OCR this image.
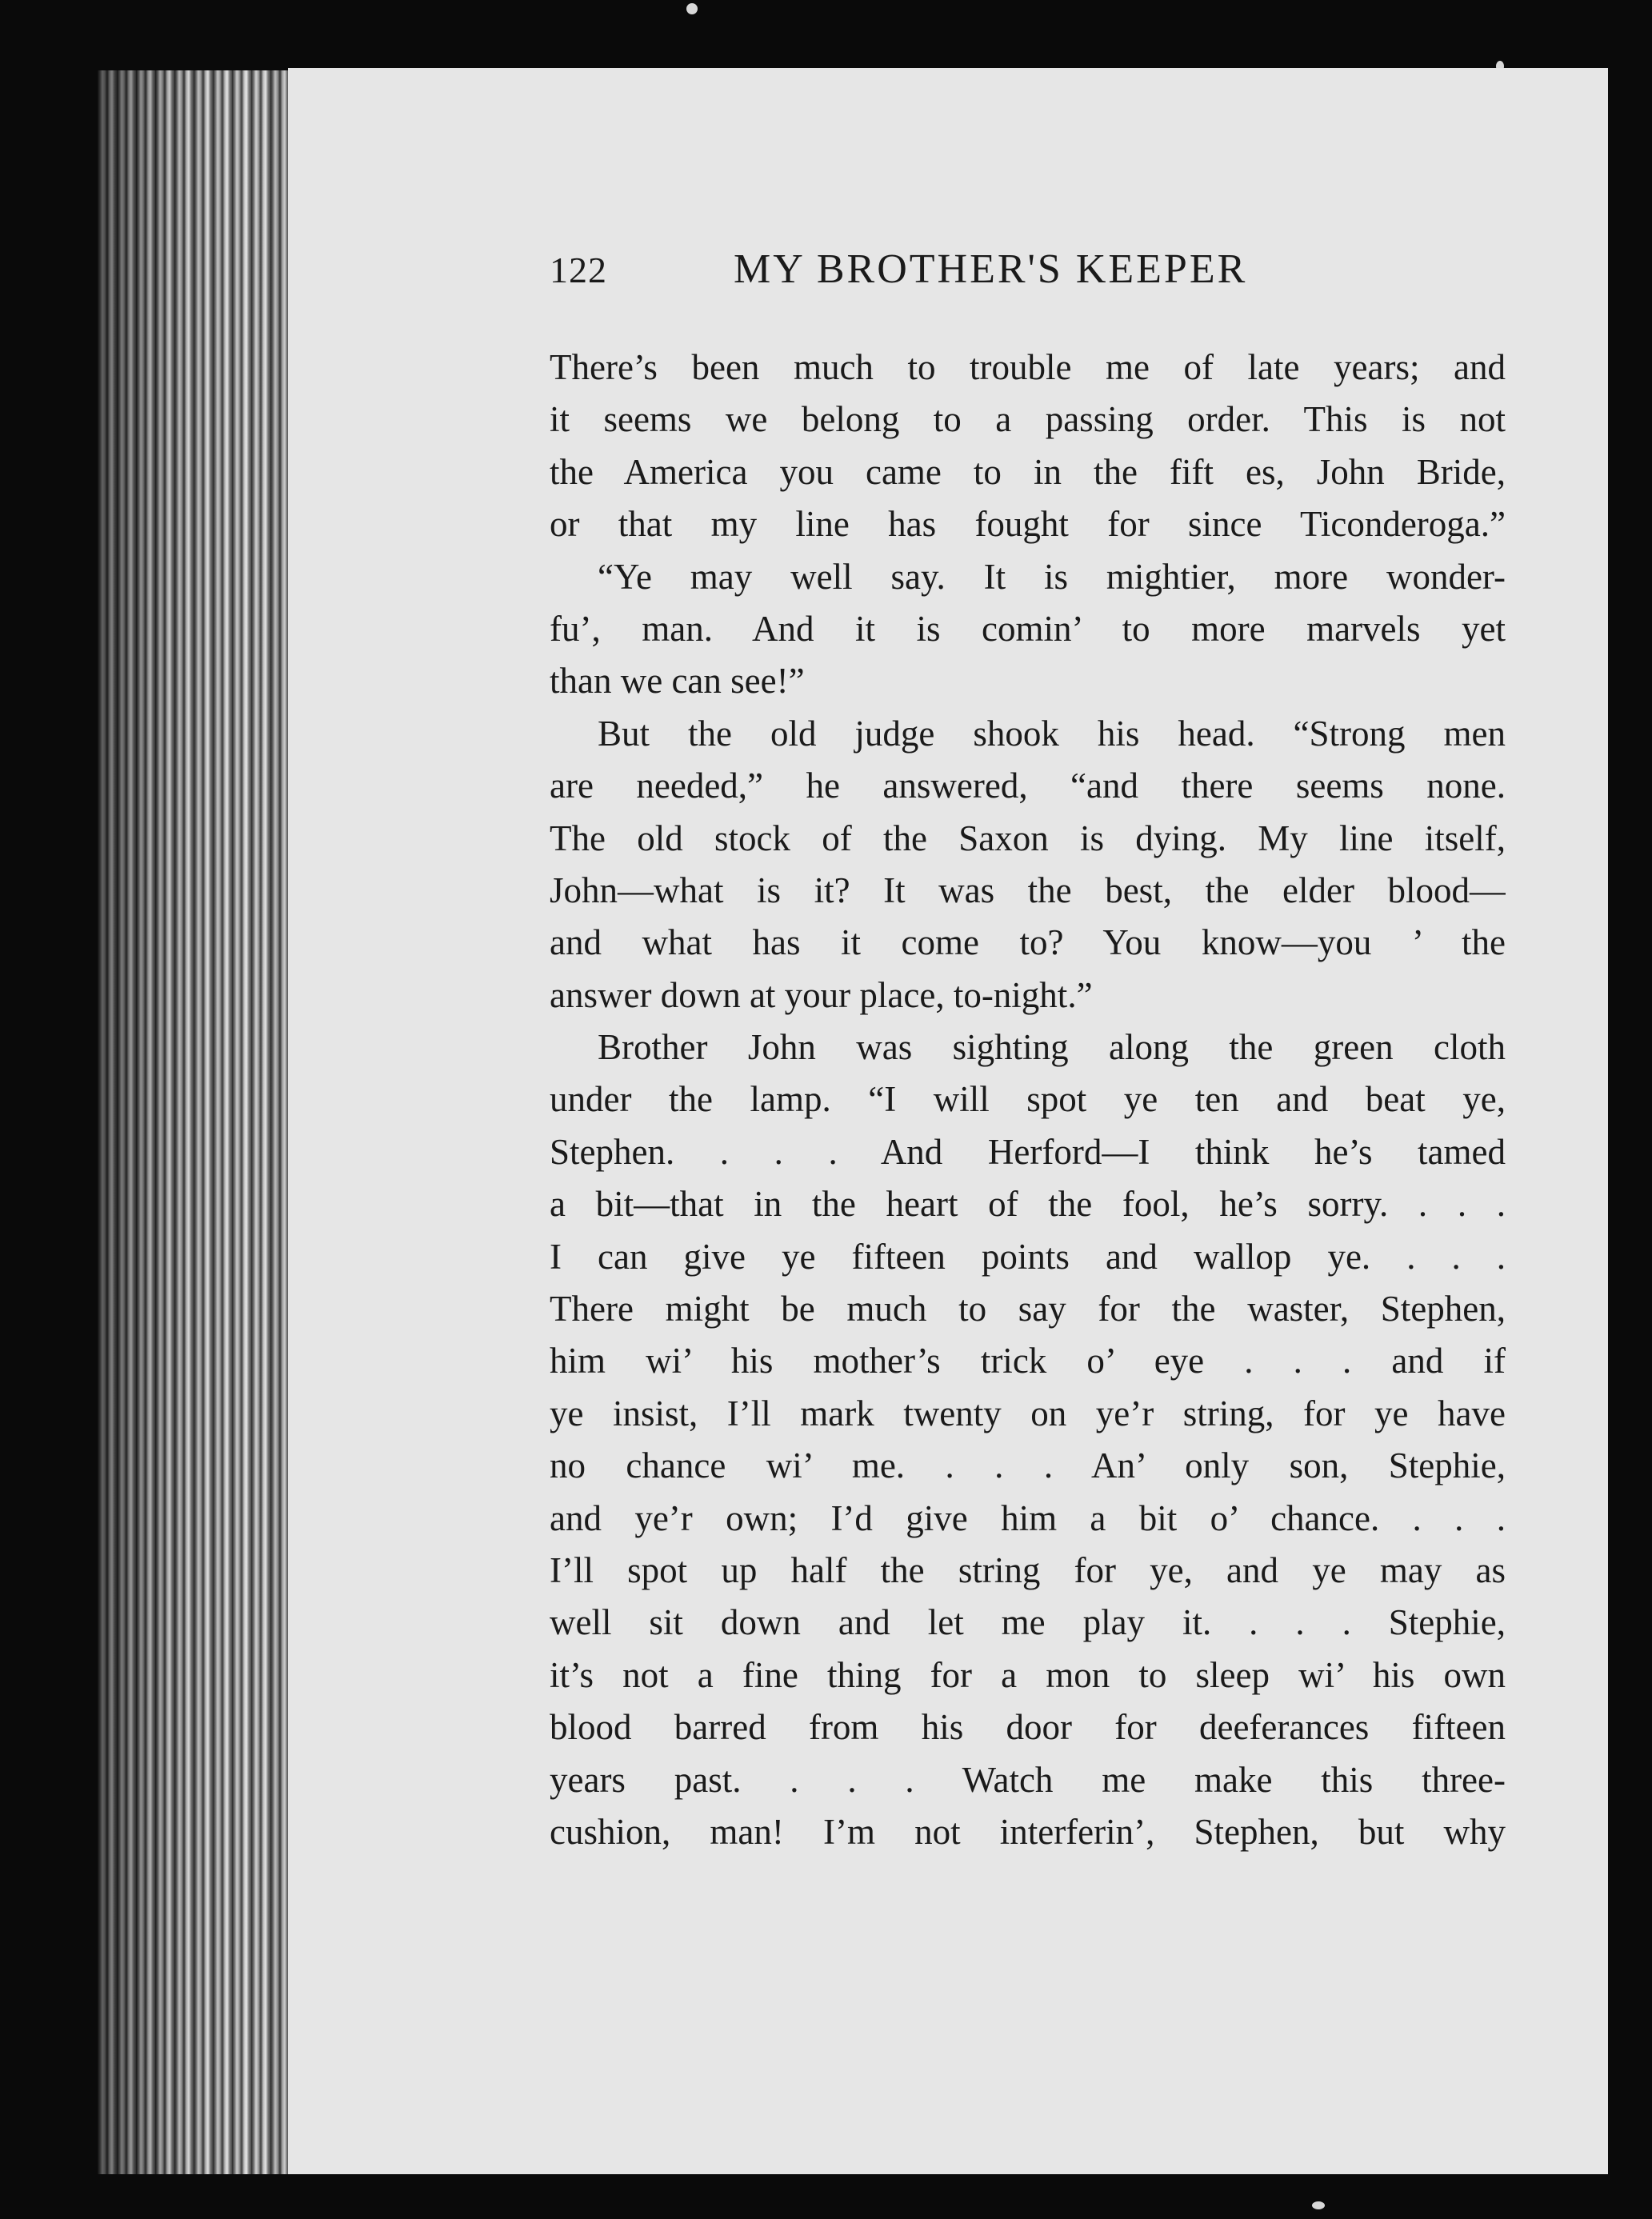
122	MY BROTHER'S KEEPER
There’s been much to trouble me of late years; and
it seems we belong to a passing order. This is not
the America you came to in the fift es, John Bride,
or that my line has fought for since Ticonderoga.”
“Ye may well say. It is mightier, more wonder-
fu’, man. And it is comin’ to more marvels yet
than we can see!”
But the old judge shook his head. “Strong men
are needed,” he answered, “and there seems none.
The old stock of the Saxon is dying. My line itself,
John—what is it? It was the best, the elder blood—
and what has it come to? You know—you ’ the
answer down at your place, to-night.”
Brother John was sighting along the green cloth
under the lamp. “I will spot ye ten and beat ye,
Stephen. . . . And Herford—I think he’s tamed
a bit—that in the heart of the fool, he’s sorry. . . .
I can give ye fifteen points and wallop ye. . . .
There might be much to say for the waster, Stephen,
him wi’ his mother’s trick o’ eye . . . and if
ye insist, I’ll mark twenty on ye’r string, for ye have
no chance wi’ me. . . . An’ only son, Stephie,
and ye’r own; I’d give him a bit o’ chance. . . .
I’ll spot up half the string for ye, and ye may as
well sit down and let me play it. . . . Stephie,
it’s not a fine thing for a mon to sleep wi’ his own
blood barred from his door for deeferances fifteen
years past. . . . Watch me make this three-
cushion, man! I’m not interferin’, Stephen, but why
